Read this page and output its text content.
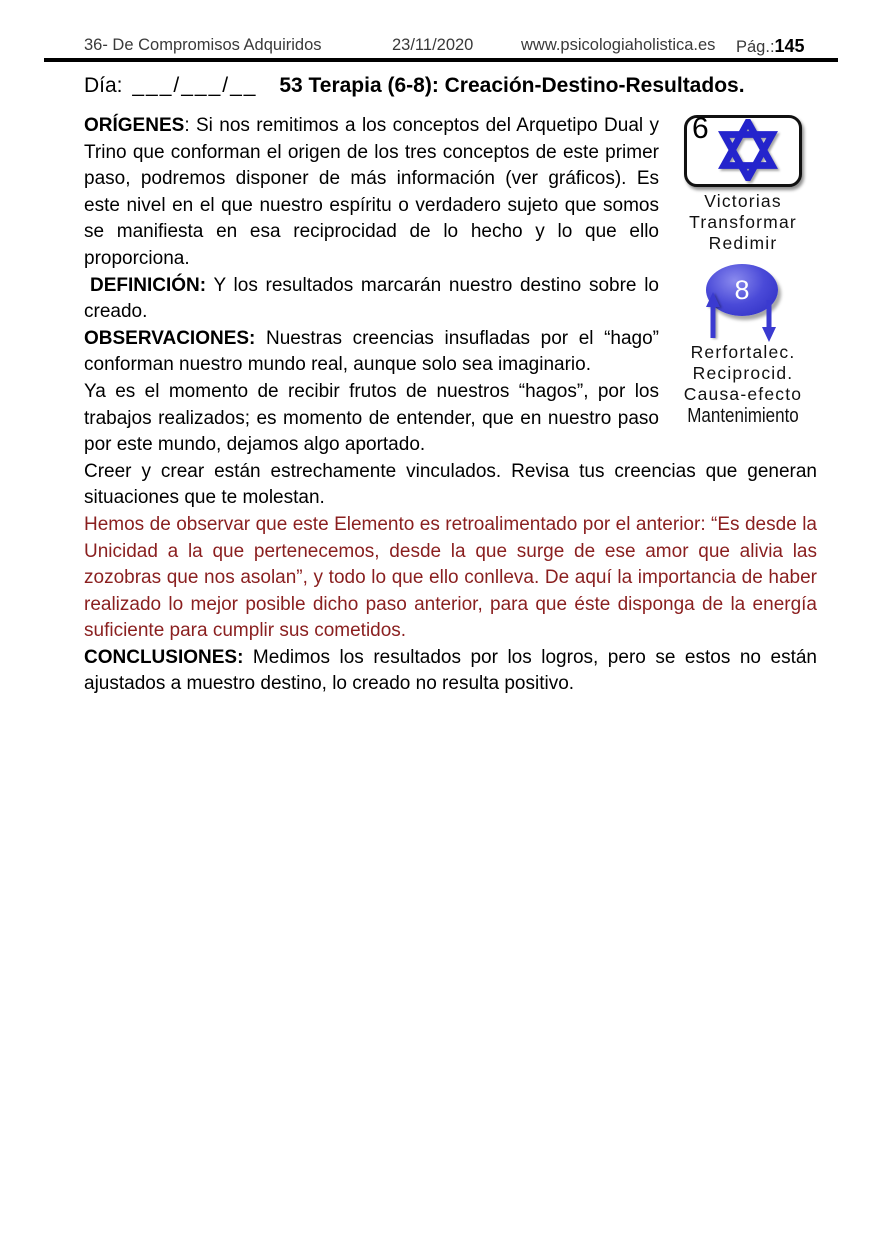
36- De Compromisos Adquiridos	23/11/2020	www.psicologiaholistica.es Pág.:145
Día: ___/___/__ 53 Terapia (6-8): Creación-Destino-Resultados.
6
Victorias
Transformar
Redimir
8
Rerfortalec.
Reciprocid.
Causa-efecto
Mantenimiento

ORÍGENES: Si nos remitimos a los conceptos del Arquetipo Dual y Trino que conforman el origen de los tres conceptos de este primer paso, podremos disponer de más información (ver gráficos). Es este nivel en el que nuestro espíritu o verdadero sujeto que somos se manifiesta en esa reciprocidad de lo hecho y lo que ello proporciona.

DEFINICIÓN: Y los resultados marcarán nuestro destino sobre lo creado.

OBSERVACIONES: Nuestras creencias insufladas por el “hago” conforman nuestro mundo real, aunque solo sea imaginario.

Ya es el momento de recibir frutos de nuestros “hagos”, por los trabajos realizados; es momento de entender, que en nuestro paso por este mundo, dejamos algo aportado.

Creer y crear están estrechamente vinculados. Revisa tus creencias que generan situaciones que te molestan.

Hemos de observar que este Elemento es retroalimentado por el anterior: “Es desde la Unicidad a la que pertenecemos, desde la que surge de ese amor que alivia las zozobras que nos asolan”, y todo lo que ello conlleva. De aquí la importancia de haber realizado lo mejor posible dicho paso anterior, para que éste disponga de la energía suficiente para cumplir sus cometidos.

CONCLUSIONES: Medimos los resultados por los logros, pero se estos no están ajustados a muestro destino, lo creado no resulta positivo.
